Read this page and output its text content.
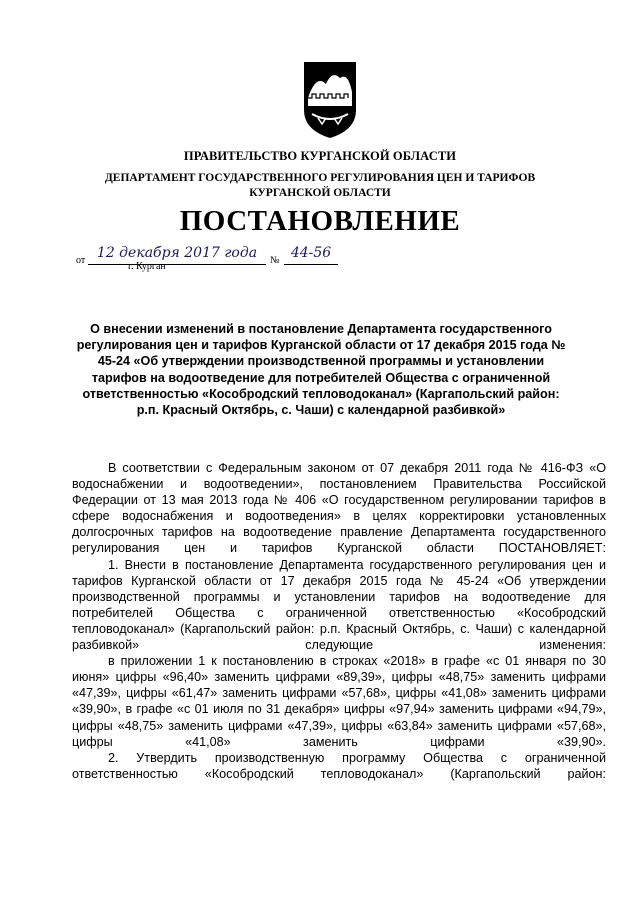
ПРАВИТЕЛЬСТВО КУРГАНСКОЙ ОБЛАСТИ
ДЕПАРТАМЕНТ ГОСУДАРСТВЕННОГО РЕГУЛИРОВАНИЯ ЦЕН И ТАРИФОВ
КУРГАНСКОЙ ОБЛАСТИ
ПОСТАНОВЛЕНИЕ
от 12 декабря 2017 года	№ 44-56
г. Курган
О внесении изменений в постановление Департамента государственного регулирования цен и тарифов Курганской области от 17 декабря 2015 года № 45-24 «Об утверждении производственной программы и установлении тарифов на водоотведение для потребителей Общества с ограниченной ответственностью «Кособродский тепловодоканал» (Каргапольский район: р.п. Красный Октябрь, с. Чаши) с календарной разбивкой»

В соответствии с Федеральным законом от 07 декабря 2011 года № 416-ФЗ «О водоснабжении и водоотведении», постановлением Правительства Российской Федерации от 13 мая 2013 года № 406 «О государственном регулировании тарифов в сфере водоснабжения и водоотведения» в целях корректировки установленных долгосрочных тарифов на водоотведение правление Департамента государственного регулирования цен и тарифов Курганской области ПОСТАНОВЛЯЕТ:

1. Внести в постановление Департамента государственного регулирования цен и тарифов Курганской области от 17 декабря 2015 года № 45-24 «Об утверждении производственной программы и установлении тарифов на водоотведение для потребителей Общества с ограниченной ответственностью «Кособродский тепловодоканал» (Каргапольский район: р.п. Красный Октябрь, с. Чаши) с календарной разбивкой» следующие изменения:

в приложении 1 к постановлению в строках «2018» в графе «с 01 января по 30 июня» цифры «96,40» заменить цифрами «89,39», цифры «48,75» заменить цифрами «47,39», цифры «61,47» заменить цифрами «57,68», цифры «41,08» заменить цифрами «39,90», в графе «с 01 июля по 31 декабря» цифры «97,94» заменить цифрами «94,79», цифры «48,75» заменить цифрами «47,39», цифры «63,84» заменить цифрами «57,68», цифры «41,08» заменить цифрами «39,90».

2. Утвердить производственную программу Общества с ограниченной ответственностью «Кособродский тепловодоканал» (Каргапольский район:
